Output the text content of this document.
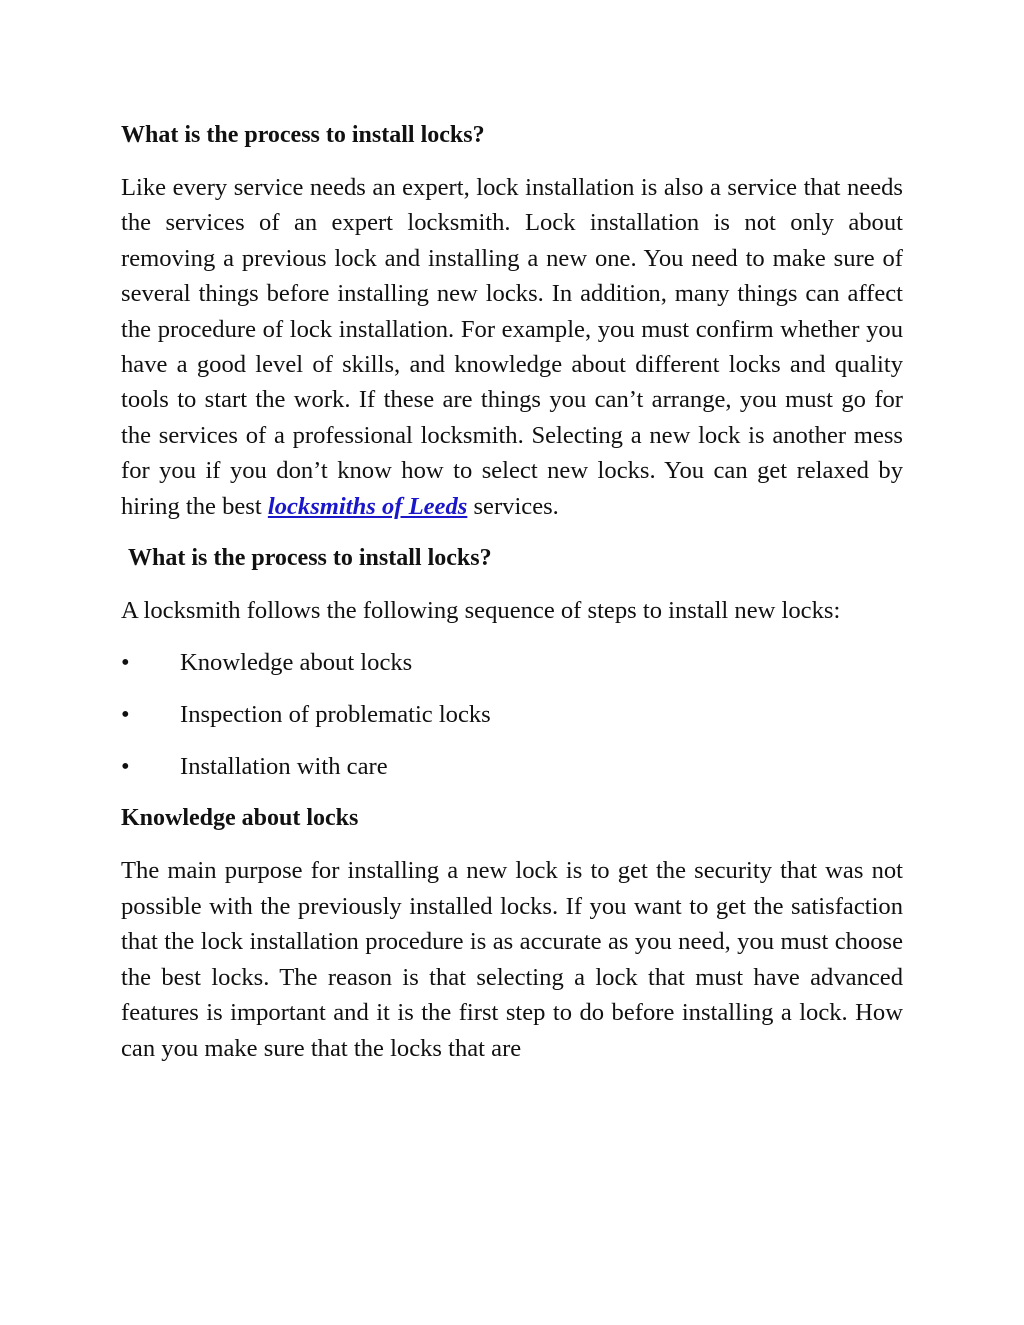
What is the process to install locks?

Like every service needs an expert, lock installation is also a service that needs the services of an expert locksmith. Lock installation is not only about removing a previous lock and installing a new one. You need to make sure of several things before installing new locks. In addition, many things can affect the procedure of lock installation. For example, you must confirm whether you have a good level of skills, and knowledge about different locks and quality tools to start the work. If these are things you can’t arrange, you must go for the services of a professional locksmith. Selecting a new lock is another mess for you if you don’t know how to select new locks. You can get relaxed by hiring the best locksmiths of Leeds services.

What is the process to install locks?

A locksmith follows the following sequence of steps to install new locks:

•	Knowledge about locks
•	Inspection of problematic locks
•	Installation with care
Knowledge about locks

The main purpose for installing a new lock is to get the security that was not possible with the previously installed locks. If you want to get the satisfaction that the lock installation procedure is as accurate as you need, you must choose the best locks. The reason is that selecting a lock that must have advanced features is important and it is the first step to do before installing a lock. How can you make sure that the locks that are
